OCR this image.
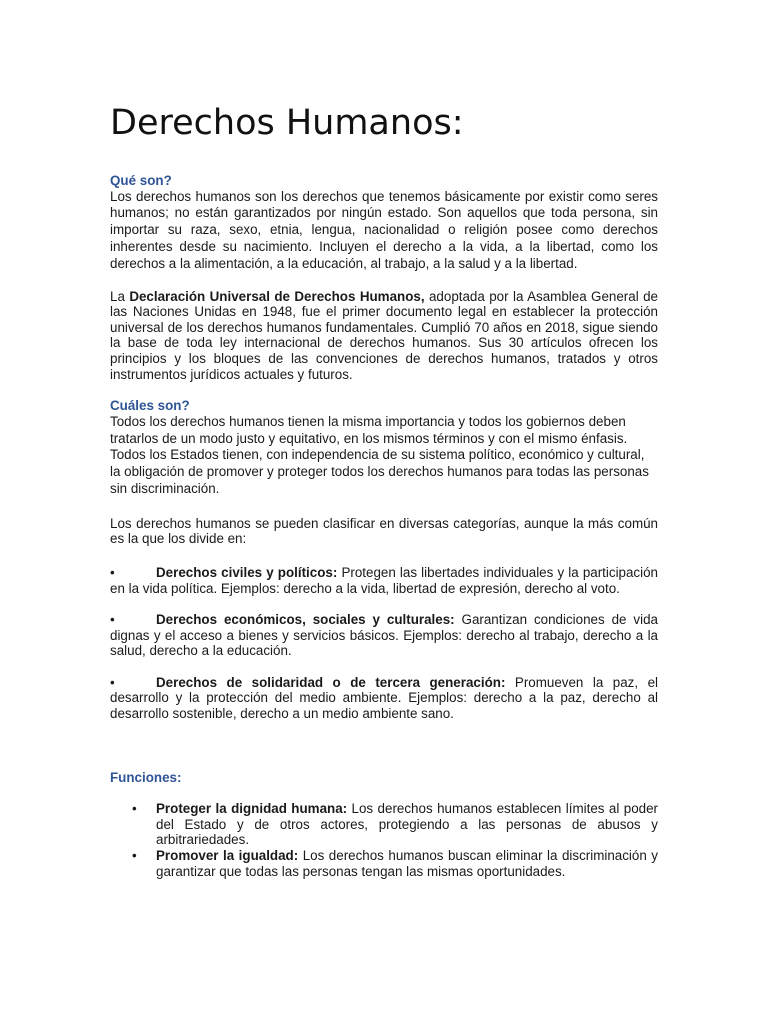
Derechos Humanos:
Qué son?

Los derechos humanos son los derechos que tenemos básicamente por existir como seres humanos; no están garantizados por ningún estado. Son aquellos que toda persona, sin importar su raza, sexo, etnia, lengua, nacionalidad o religión posee como derechos inherentes desde su nacimiento. Incluyen el derecho a la vida, a la libertad, como los derechos a la alimentación, a la educación, al trabajo, a la salud y a la libertad.

La Declaración Universal de Derechos Humanos, adoptada por la Asamblea General de las Naciones Unidas en 1948, fue el primer documento legal en establecer la protección universal de los derechos humanos fundamentales. Cumplió 70 años en 2018, sigue siendo la base de toda ley internacional de derechos humanos. Sus 30 artículos ofrecen los principios y los bloques de las convenciones de derechos humanos, tratados y otros instrumentos jurídicos actuales y futuros.

Cuáles son?

Todos los derechos humanos tienen la misma importancia y todos los gobiernos deben tratarlos de un modo justo y equitativo, en los mismos términos y con el mismo énfasis. Todos los Estados tienen, con independencia de su sistema político, económico y cultural, la obligación de promover y proteger todos los derechos humanos para todas las personas sin discriminación.

Los derechos humanos se pueden clasificar en diversas categorías, aunque la más común es la que los divide en:

•	Derechos civiles y políticos: Protegen las libertades individuales y la participación en la vida política. Ejemplos: derecho a la vida, libertad de expresión, derecho al voto.

•	Derechos económicos, sociales y culturales: Garantizan condiciones de vida dignas y el acceso a bienes y servicios básicos. Ejemplos: derecho al trabajo, derecho a la salud, derecho a la educación.

•	Derechos de solidaridad o de tercera generación: Promueven la paz, el desarrollo y la protección del medio ambiente. Ejemplos: derecho a la paz, derecho al desarrollo sostenible, derecho a un medio ambiente sano.

Funciones:
• Proteger la dignidad humana: Los derechos humanos establecen límites al poder del Estado y de otros actores, protegiendo a las personas de abusos y arbitrariedades.
• Promover la igualdad: Los derechos humanos buscan eliminar la discriminación y garantizar que todas las personas tengan las mismas oportunidades.
